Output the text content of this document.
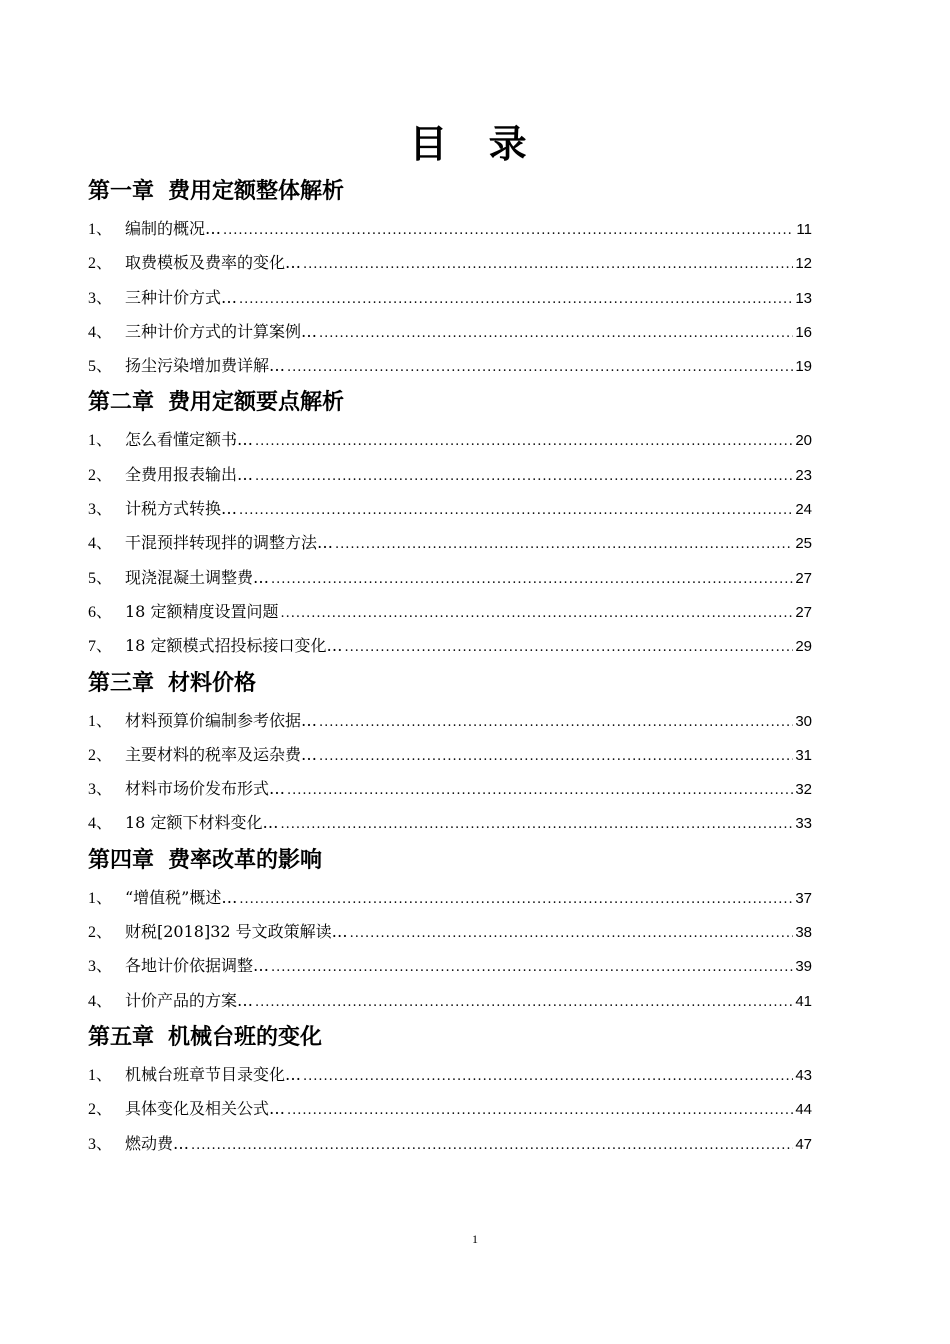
目 录
第一章 费用定额整体解析
1、 编制的概况… .....	11
2、 取费模板及费率的变化… .....	12
3、 三种计价方式… .....	13
4、 三种计价方式的计算案例… .....	16
5、 扬尘污染增加费详解… .....	19
第二章 费用定额要点解析
1、 怎么看懂定额书… .....	20
2、 全费用报表输出… .....	23
3、 计税方式转换… .....	24
4、 干混预拌转现拌的调整方法… .....	25
5、 现浇混凝土调整费… .....	27
6、 18 定额精度设置问题 .....	27
7、 18 定额模式招投标接口变化… .....	29
第三章 材料价格
1、 材料预算价编制参考依据… .....	30
2、 主要材料的税率及运杂费… .....	31
3、 材料市场价发布形式… .....	32
4、 18 定额下材料变化… .....	33
第四章 费率改革的影响
1、 “增值税”概述… .....	37
2、 财税[2018]32 号文政策解读… .....	38
3、 各地计价依据调整… .....	39
4、 计价产品的方案… .....	41
第五章 机械台班的变化
1、 机械台班章节目录变化… .....	43
2、 具体变化及相关公式… .....	44
3、 燃动费… .....	47
1
